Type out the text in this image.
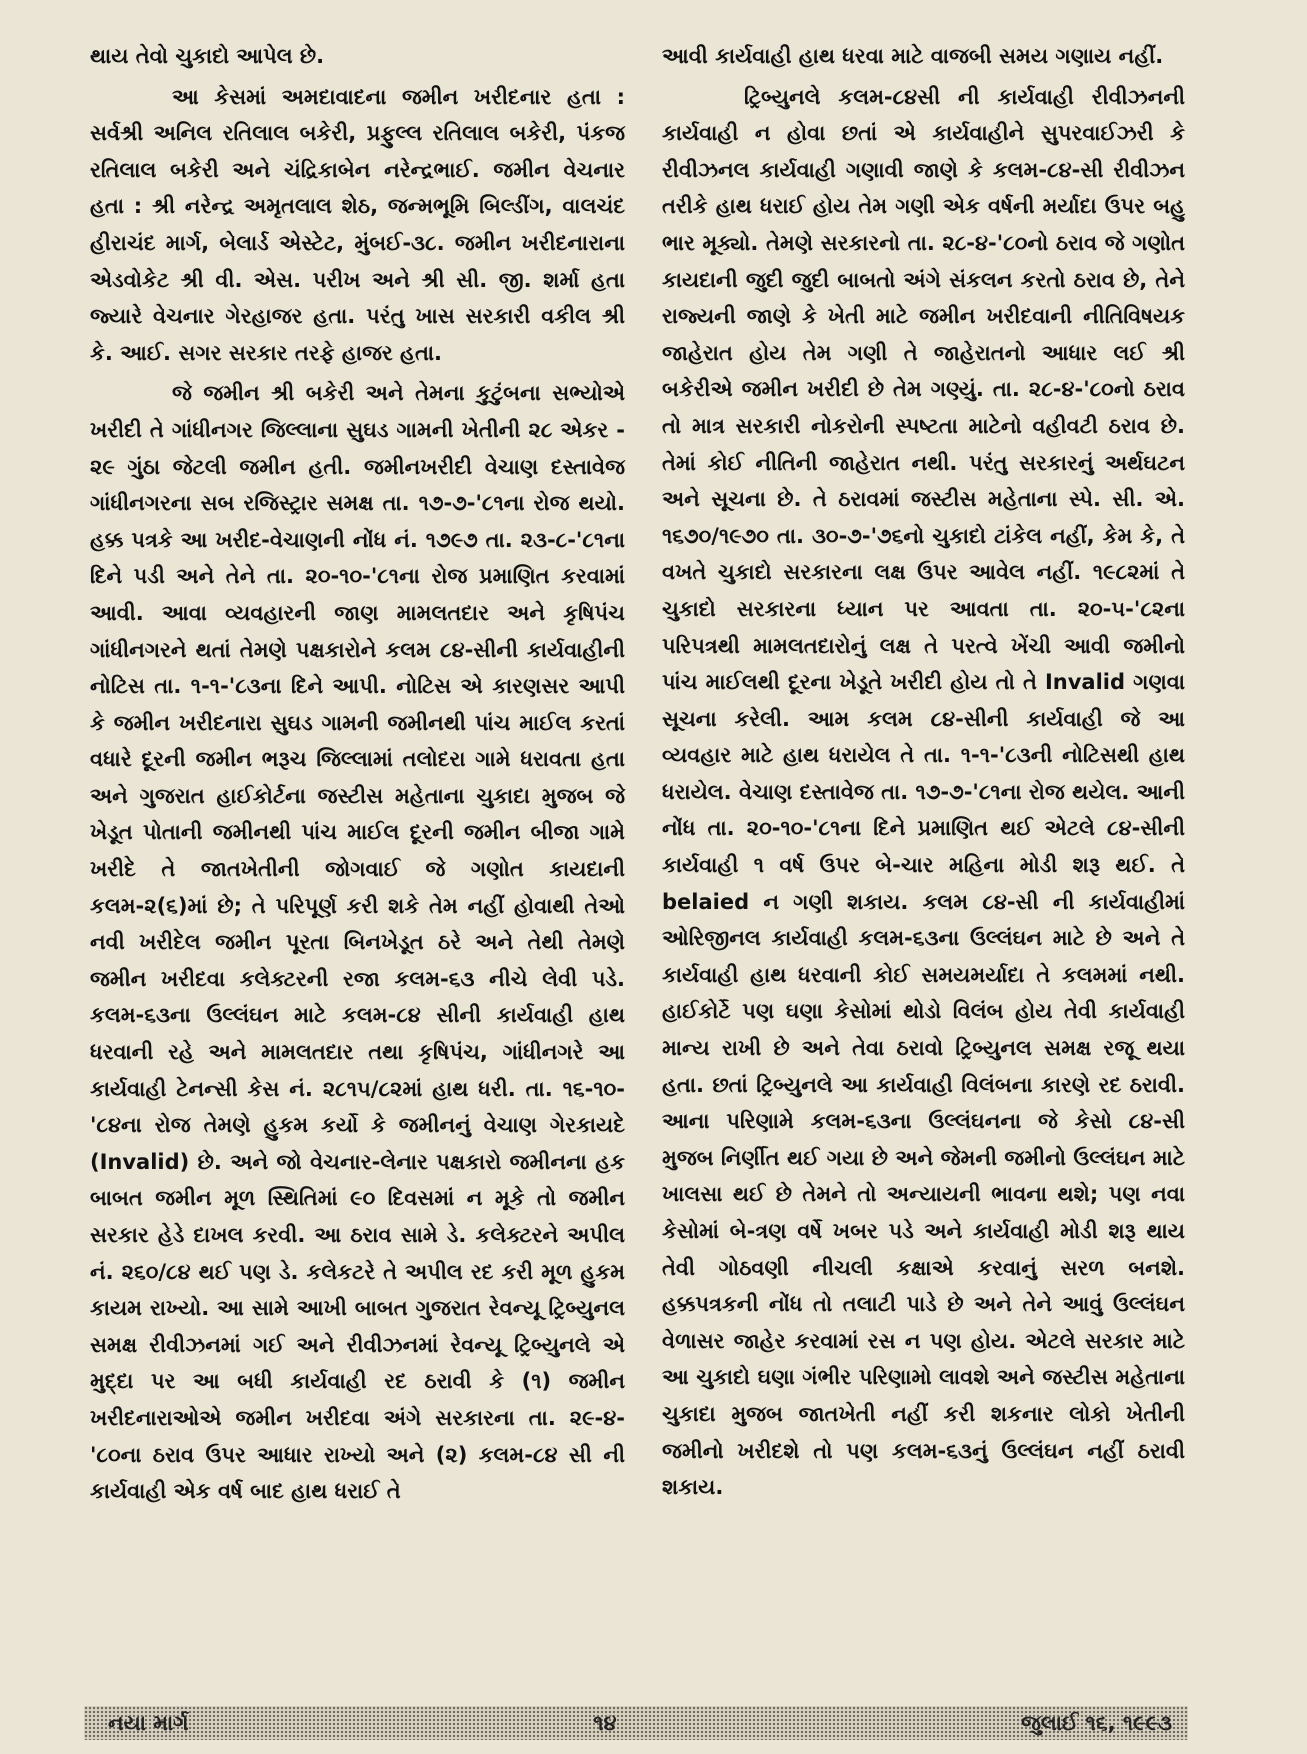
થાય તેવો ચુકાદો આપેલ છે.

આ કેસમાં અમદાવાદના જમીન ખરીદનાર હતા : સર્વશ્રી અનિલ રતિલાલ બકેરી, પ્રફુલ્લ રતિલાલ બકેરી, પંકજ રતિલાલ બકેરી અને ચંદ્રિકાબેન નરેન્દ્રભાઈ. જમીન વેચનાર હતા : શ્રી નરેન્દ્ર અમૃતલાલ શેઠ, જન્મભૂમિ બિલ્ડીંગ, વાલચંદ હીરાચંદ માર્ગ, બેલાર્ડ એસ્ટેટ, મુંબઈ-૩૮. જમીન ખરીદનારાના એડવોકેટ શ્રી વી. એસ. પરીખ અને શ્રી સી. જી. શર્મા હતા જ્યારે વેચનાર ગેરહાજર હતા. પરંતુ ખાસ સરકારી વકીલ શ્રી કે. આઈ. સગર સરકાર તરફે હાજર હતા.

જે જમીન શ્રી બકેરી અને તેમના કુટુંબના સભ્યોએ ખરીદી તે ગાંધીનગર જિલ્લાના સુઘડ ગામની ખેતીની ૨૮ એકર - ૨૯ ગુંઠા જેટલી જમીન હતી. જમીનખરીદી વેચાણ દસ્તાવેજ ગાંધીનગરના સબ રજિસ્ટ્રાર સમક્ષ તા. ૧૭-૭-'૮૧ના રોજ થયો. હક્ક પત્રકે આ ખરીદ-વેચાણની નોંધ નં. ૧૭૯૭ તા. ૨૩-૮-'૮૧ના દિને પડી અને તેને તા. ૨૦-૧૦-'૮૧ના રોજ પ્રમાણિત કરવામાં આવી. આવા વ્યવહારની જાણ મામલતદાર અને કૃષિપંચ ગાંધીનગરને થતાં તેમણે પક્ષકારોને કલમ ૮૪-સીની કાર્યવાહીની નોટિસ તા. ૧-૧-'૮૩ના દિને આપી. નોટિસ એ કારણસર આપી કે જમીન ખરીદનારા સુઘડ ગામની જમીનથી પાંચ માઈલ કરતાં વધારે દૂરની જમીન ભરૂચ જિલ્લામાં તલોદરા ગામે ધરાવતા હતા અને ગુજરાત હાઈકોર્ટના જસ્ટીસ મહેતાના ચુકાદા મુજબ જે ખેડૂત પોતાની જમીનથી પાંચ માઈલ દૂરની જમીન બીજા ગામે ખરીદે તે જાતખેતીની જોગવાઈ જે ગણોત કાયદાની કલમ-૨(૬)માં છે; તે પરિપૂર્ણ કરી શકે તેમ નહીં હોવાથી તેઓ નવી ખરીદેલ જમીન પૂરતા બિનખેડૂત ઠરે અને તેથી તેમણે જમીન ખરીદવા કલેક્ટરની રજા કલમ-૬૩ નીચે લેવી પડે. કલમ-૬૩ના ઉલ્લંઘન માટે કલમ-૮૪ સીની કાર્યવાહી હાથ ધરવાની રહે અને મામલતદાર તથા કૃષિપંચ, ગાંધીનગરે આ કાર્યવાહી ટેનન્સી કેસ નં. ૨૮૧૫/૮૨માં હાથ ધરી. તા. ૧૬-૧૦-'૮૪ના રોજ તેમણે હુકમ કર્યો કે જમીનનું વેચાણ ગેરકાયદે (Invalid) છે. અને જો વેચનાર-લેનાર પક્ષકારો જમીનના હક બાબત જમીન મૂળ સ્થિતિમાં ૯૦ દિવસમાં ન મૂકે તો જમીન સરકાર હેડે દાખલ કરવી. આ ઠરાવ સામે ડે. કલેક્ટરને અપીલ નં. ૨૬૦/૮૪ થઈ પણ ડે. કલેકટરે તે અપીલ રદ કરી મૂળ હુકમ કાયમ રાખ્યો. આ સામે આખી બાબત ગુજરાત રેવન્યૂ ટ્રિબ્યુનલ સમક્ષ રીવીઝનમાં ગઈ અને રીવીઝનમાં રેવન્યૂ ટ્રિબ્યુનલે એ મુદ્દા પર આ બધી કાર્યવાહી રદ ઠરાવી કે (૧) જમીન ખરીદનારાઓએ જમીન ખરીદવા અંગે સરકારના તા. ૨૯-૪-'૮૦ના ઠરાવ ઉપર આધાર રાખ્યો અને (૨) કલમ-૮૪ સી ની કાર્યવાહી એક વર્ષ બાદ હાથ ધરાઈ તે

આવી કાર્યવાહી હાથ ધરવા માટે વાજબી સમય ગણાય નહીં.

ટ્રિબ્યુનલે કલમ-૮૪સી ની કાર્યવાહી રીવીઝનની કાર્યવાહી ન હોવા છતાં એ કાર્યવાહીને સુપરવાઈઝરી કે રીવીઝનલ કાર્યવાહી ગણાવી જાણે કે કલમ-૮૪-સી રીવીઝન તરીકે હાથ ધરાઈ હોય તેમ ગણી એક વર્ષની મર્યાદા ઉપર બહુ ભાર મૂક્યો. તેમણે સરકારનો તા. ૨૮-૪-'૮૦નો ઠરાવ જે ગણોત કાયદાની જુદી જુદી બાબતો અંગે સંકલન કરતો ઠરાવ છે, તેને રાજ્યની જાણે કે ખેતી માટે જમીન ખરીદવાની નીતિવિષયક જાહેરાત હોય તેમ ગણી તે જાહેરાતનો આધાર લઈ શ્રી બકેરીએ જમીન ખરીદી છે તેમ ગણ્યું. તા. ૨૮-૪-'૮૦નો ઠરાવ તો માત્ર સરકારી નોકરોની સ્પષ્ટતા માટેનો વહીવટી ઠરાવ છે. તેમાં કોઈ નીતિની જાહેરાત નથી. પરંતુ સરકારનું અર્થઘટન અને સૂચના છે. તે ઠરાવમાં જસ્ટીસ મહેતાના સ્પે. સી. એ. ૧૬૭૦/૧૯૭૦ તા. ૩૦-૭-'૭૬નો ચુકાદો ટાંકેલ નહીં, કેમ કે, તે વખતે ચુકાદો સરકારના લક્ષ ઉપર આવેલ નહીં. ૧૯૮૨માં તે ચુકાદો સરકારના ધ્યાન પર આવતા તા. ૨૦-૫-'૮૨ના પરિપત્રથી મામલતદારોનું લક્ષ તે પરત્વે ખેંચી આવી જમીનો પાંચ માઈલથી દૂરના ખેડૂતે ખરીદી હોય તો તે Invalid ગણવા સૂચના કરેલી. આમ કલમ ૮૪-સીની કાર્યવાહી જે આ વ્યવહાર માટે હાથ ધરાયેલ તે તા. ૧-૧-'૮૩ની નોટિસથી હાથ ધરાયેલ. વેચાણ દસ્તાવેજ તા. ૧૭-૭-'૮૧ના રોજ થયેલ. આની નોંધ તા. ૨૦-૧૦-'૮૧ના દિને પ્રમાણિત થઈ એટલે ૮૪-સીની કાર્યવાહી ૧ વર્ષ ઉપર બે-ચાર મહિના મોડી શરૂ થઈ. તે belaied ન ગણી શકાય. કલમ ૮૪-સી ની કાર્યવાહીમાં ઓરિજીનલ કાર્યવાહી કલમ-૬૩ના ઉલ્લંઘન માટે છે અને તે કાર્યવાહી હાથ ધરવાની કોઈ સમયમર્યાદા તે કલમમાં નથી. હાઈકોર્ટે પણ ઘણા કેસોમાં થોડો વિલંબ હોય તેવી કાર્યવાહી માન્ય રાખી છે અને તેવા ઠરાવો ટ્રિબ્યુનલ સમક્ષ રજૂ થયા હતા. છતાં ટ્રિબ્યુનલે આ કાર્યવાહી વિલંબના કારણે રદ ઠરાવી. આના પરિણામે કલમ-૬૩ના ઉલ્લંઘનના જે કેસો ૮૪-સી મુજબ નિર્ણીત થઈ ગયા છે અને જેમની જમીનો ઉલ્લંઘન માટે ખાલસા થઈ છે તેમને તો અન્યાયની ભાવના થશે; પણ નવા કેસોમાં બે-ત્રણ વર્ષે ખબર પડે અને કાર્યવાહી મોડી શરૂ થાય તેવી ગોઠવણી નીચલી કક્ષાએ કરવાનું સરળ બનશે. હક્કપત્રકની નોંધ તો તલાટી પાડે છે અને તેને આવું ઉલ્લંઘન વેળાસર જાહેર કરવામાં રસ ન પણ હોય. એટલે સરકાર માટે આ ચુકાદો ઘણા ગંભીર પરિણામો લાવશે અને જસ્ટીસ મહેતાના ચુકાદા મુજબ જાતખેતી નહીં કરી શકનાર લોકો ખેતીની જમીનો ખરીદશે તો પણ કલમ-૬૩નું ઉલ્લંઘન નહીં ઠરાવી શકાય.

નયા માર્ગ	૧૪	જુલાઈ ૧૬, ૧૯૯૩
